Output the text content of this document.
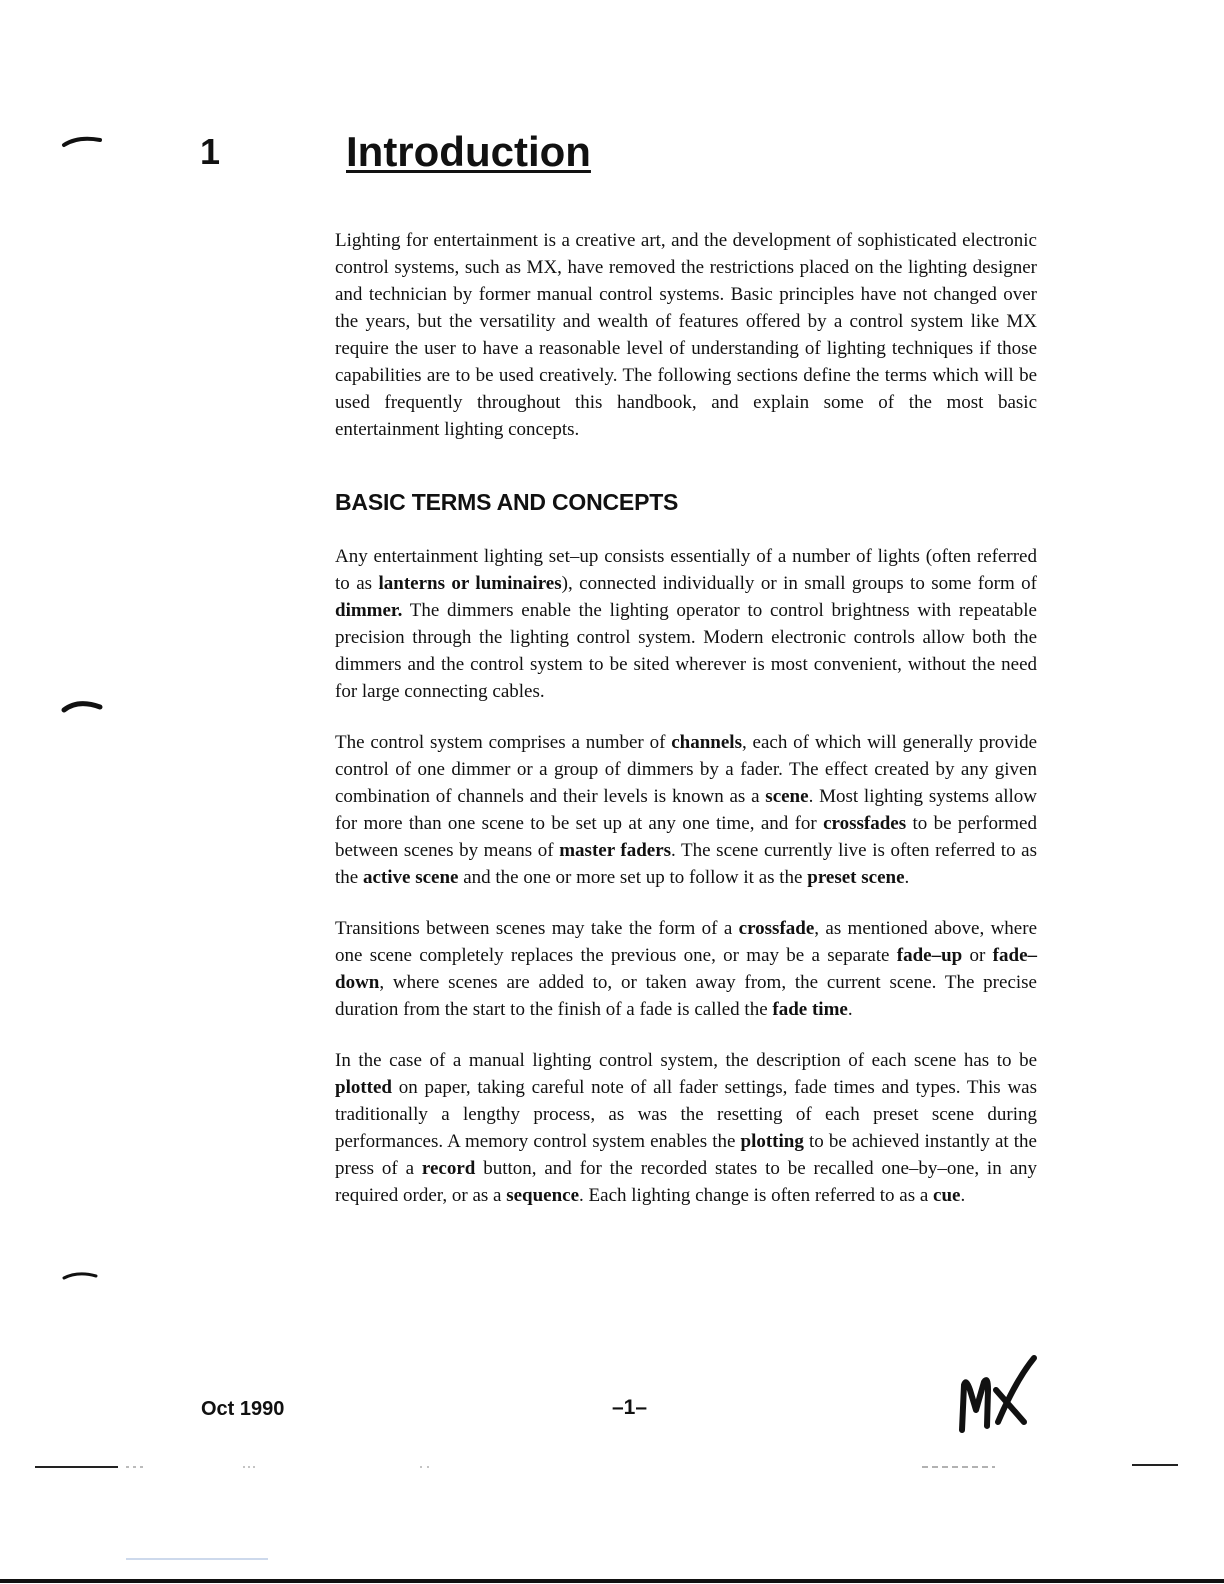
1	Introduction

Lighting for entertainment is a creative art, and the development of sophisticated electronic control systems, such as MX, have removed the restrictions placed on the lighting designer and technician by former manual control systems. Basic principles have not changed over the years, but the versatility and wealth of features offered by a control system like MX require the user to have a reasonable level of understanding of lighting techniques if those capabilities are to be used creatively. The following sections define the terms which will be used frequently throughout this handbook, and explain some of the most basic entertainment lighting concepts.

BASIC TERMS AND CONCEPTS

Any entertainment lighting set–up consists essentially of a number of lights (often referred to as lanterns or luminaires), connected individually or in small groups to some form of dimmer. The dimmers enable the lighting operator to control brightness with repeatable precision through the lighting control system. Modern electronic controls allow both the dimmers and the control system to be sited wherever is most convenient, without the need for large connecting cables.

The control system comprises a number of channels, each of which will generally provide control of one dimmer or a group of dimmers by a fader. The effect created by any given combination of channels and their levels is known as a scene. Most lighting systems allow for more than one scene to be set up at any one time, and for crossfades to be performed between scenes by means of master faders. The scene currently live is often referred to as the active scene and the one or more set up to follow it as the preset scene.

Transitions between scenes may take the form of a crossfade, as mentioned above, where one scene completely replaces the previous one, or may be a separate fade–up or fade–down, where scenes are added to, or taken away from, the current scene. The precise duration from the start to the finish of a fade is called the fade time.

In the case of a manual lighting control system, the description of each scene has to be plotted on paper, taking careful note of all fader settings, fade times and types. This was traditionally a lengthy process, as was the resetting of each preset scene during performances. A memory control system enables the plotting to be achieved instantly at the press of a record button, and for the recorded states to be recalled one–by–one, in any required order, or as a sequence. Each lighting change is often referred to as a cue.

Oct 1990	–1–
